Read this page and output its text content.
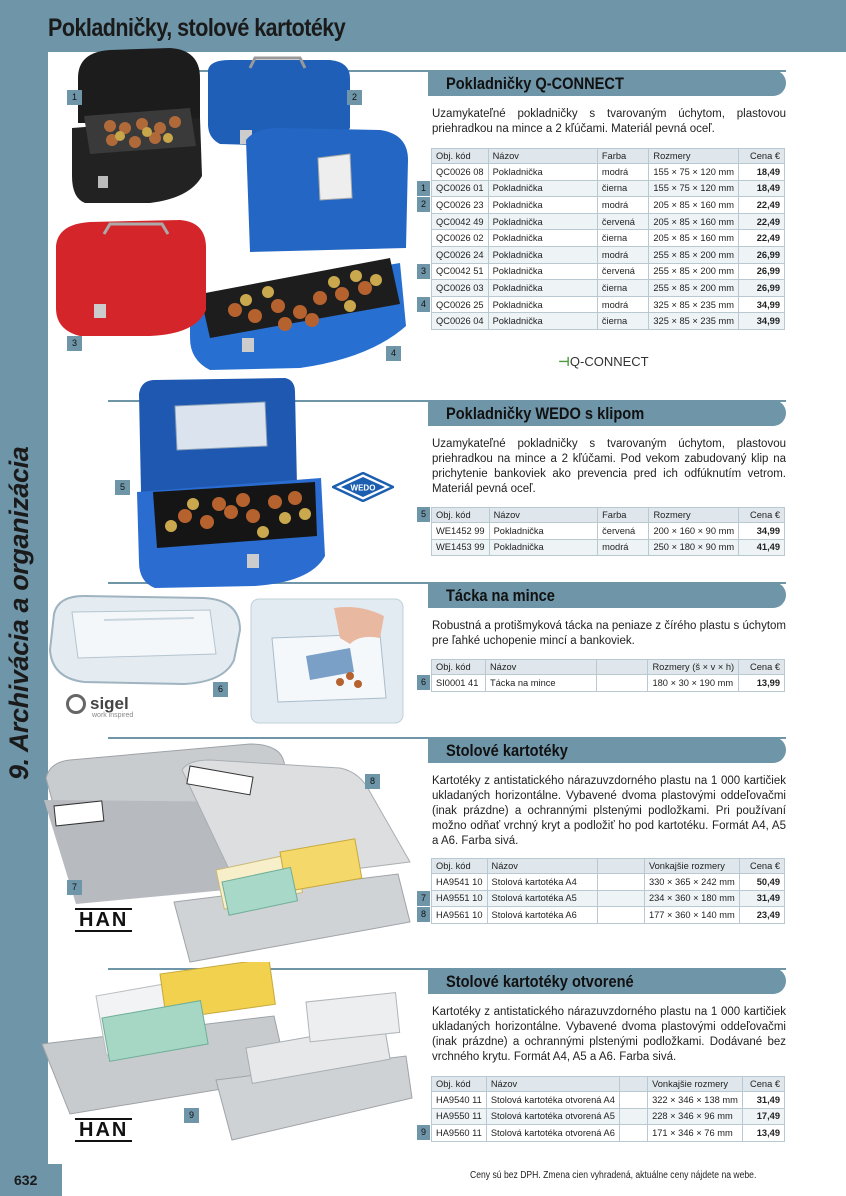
Pokladničky, stolové kartotéky
9. Archivácia a organizácia
632	Ceny sú bez DPH. Zmena cien vyhradená, aktuálne ceny nájdete na webe.
Pokladničky Q-CONNECT
Pokladničky WEDO s klipom
Tácka na mince
Stolové kartotéky
Stolové kartotéky otvorené
Uzamykateľné pokladničky s tvarovaným úchytom, plastovou priehradkou na mince a 2 kľúčami. Materiál pevná oceľ.
Uzamykateľné pokladničky s tvarovaným úchytom, plastovou priehradkou na mince a 2 kľúčami. Pod vekom zabudovaný klip na prichytenie bankoviek ako prevencia pred ich odfúknutím vetrom. Materiál pevná oceľ.
Robustná a protišmyková tácka na peniaze z čírého plastu s úchytom pre ľahké uchopenie mincí a bankoviek.
Kartotéky z antistatického nárazuvzdorného plastu na 1 000 kartičiek ukladaných horizontálne. Vybavené dvoma plastovými oddeľovačmi (inak prázdne) a ochrannými plstenými podložkami. Pri používaní možno odňať vrchný kryt a podložiť ho pod kartotéku. Formát A4, A5 a A6. Farba sivá.
Kartotéky z antistatického nárazuvzdorného plastu na 1 000 kartičiek ukladaných horizontálne. Vybavené dvoma plastovými oddeľovačmi (inak prázdne) a ochrannými plstenými podložkami. Dodávané bez vrchného krytu. Formát A4, A5 a A6. Farba sivá.
Obj. kód	Názov	Farba	Rozmery	Cena €
QC0026 08	Pokladnička	modrá	155 × 75 × 120 mm	18,49
QC0026 01	Pokladnička	čierna	155 × 75 × 120 mm	18,49
QC0026 23	Pokladnička	modrá	205 × 85 × 160 mm	22,49
QC0042 49	Pokladnička	červená	205 × 85 × 160 mm	22,49
QC0026 02	Pokladnička	čierna	205 × 85 × 160 mm	22,49
QC0026 24	Pokladnička	modrá	255 × 85 × 200 mm	26,99
QC0042 51	Pokladnička	červená	255 × 85 × 200 mm	26,99
QC0026 03	Pokladnička	čierna	255 × 85 × 200 mm	26,99
QC0026 25	Pokladnička	modrá	325 × 85 × 235 mm	34,99
QC0026 04	Pokladnička	čierna	325 × 85 × 235 mm	34,99
Obj. kód	Názov	Farba	Rozmery	Cena €
WE1452 99	Pokladnička	červená	200 × 160 × 90 mm	34,99
WE1453 99	Pokladnička	modrá	250 × 180 × 90 mm	41,49
Obj. kód	Názov		Rozmery (š × v × h)	Cena €
SI0001 41	Tácka na mince		180 × 30 × 190 mm	13,99
Obj. kód	Názov		Vonkajšie rozmery	Cena €
HA9541 10	Stolová kartotéka A4		330 × 365 × 242 mm	50,49
HA9551 10	Stolová kartotéka A5		234 × 360 × 180 mm	31,49
HA9561 10	Stolová kartotéka A6		177 × 360 × 140 mm	23,49
Obj. kód	Názov		Vonkajšie rozmery	Cena €
HA9540 11	Stolová kartotéka otvorená A4		322 × 346 × 138 mm	31,49
HA9550 11	Stolová kartotéka otvorená A5		228 × 346 × 96 mm	17,49
HA9560 11	Stolová kartotéka otvorená A6		171 × 346 × 76 mm	13,49
WEDO
⊣Q-CONNECT
sigel
work inspired
HAN
HAN
1	2
3
4
5
6
7
8
9
1
2
3
4
5
6
7
8
9
